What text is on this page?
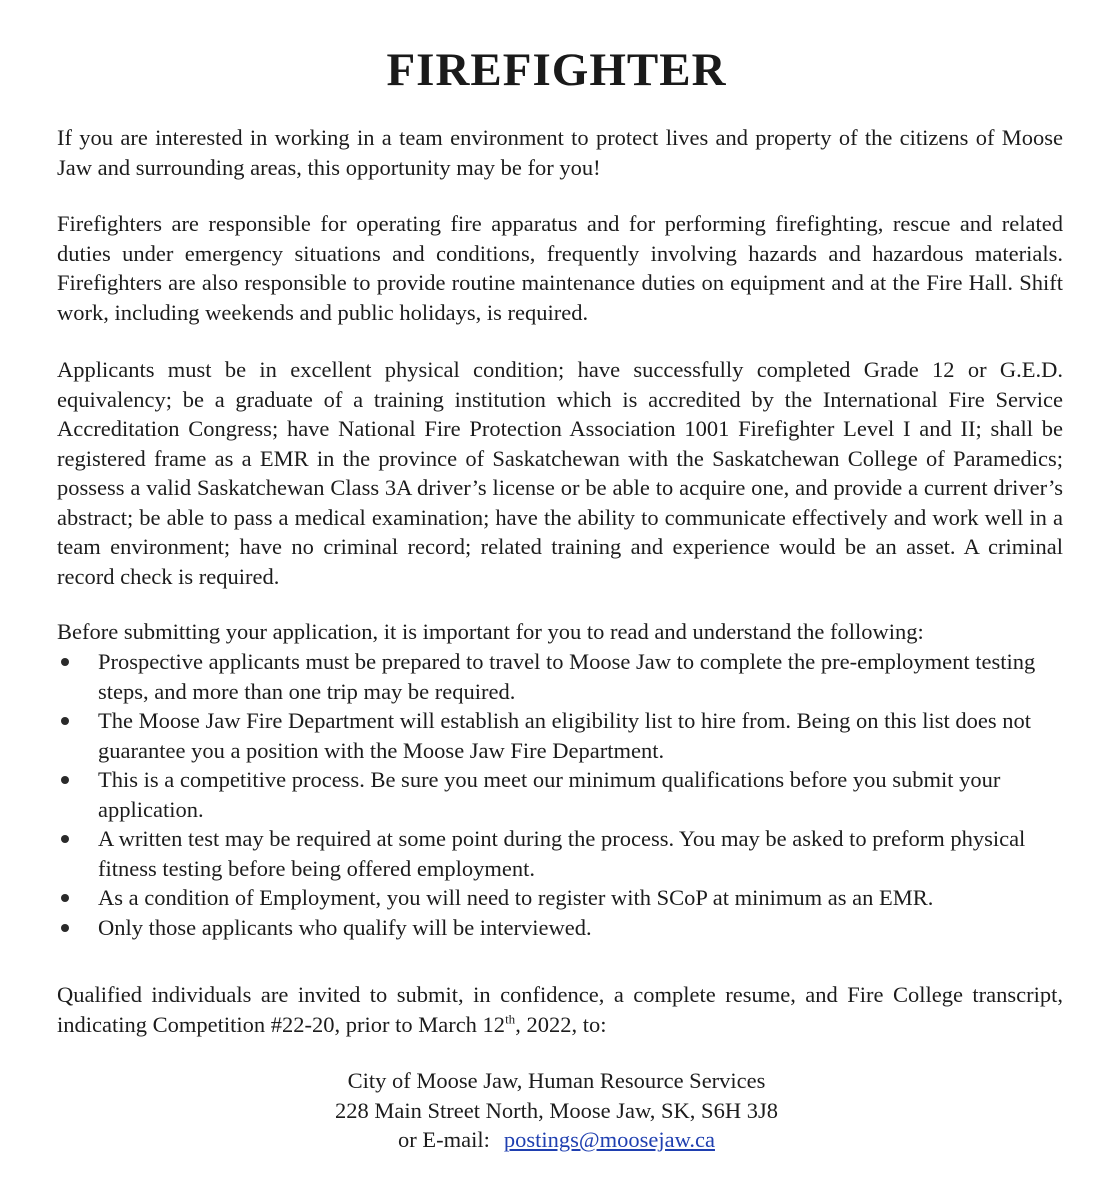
FIREFIGHTER

If you are interested in working in a team environment to protect lives and property of the citizens of Moose Jaw and surrounding areas, this opportunity may be for you!

Firefighters are responsible for operating fire apparatus and for performing firefighting, rescue and related duties under emergency situations and conditions, frequently involving hazards and hazardous materials. Firefighters are also responsible to provide routine maintenance duties on equipment and at the Fire Hall. Shift work, including weekends and public holidays, is required.

Applicants must be in excellent physical condition; have successfully completed Grade 12 or G.E.D. equivalency; be a graduate of a training institution which is accredited by the International Fire Service Accreditation Congress; have National Fire Protection Association 1001 Firefighter Level I and II; shall be registered frame as a EMR in the province of Saskatchewan with the Saskatchewan College of Paramedics; possess a valid Saskatchewan Class 3A driver’s license or be able to acquire one, and provide a current driver’s abstract; be able to pass a medical examination; have the ability to communicate effectively and work well in a team environment; have no criminal record; related training and experience would be an asset. A criminal record check is required.

Before submitting your application, it is important for you to read and understand the following:

Prospective applicants must be prepared to travel to Moose Jaw to complete the pre-employment testing steps, and more than one trip may be required.
The Moose Jaw Fire Department will establish an eligibility list to hire from. Being on this list does not guarantee you a position with the Moose Jaw Fire Department.
This is a competitive process. Be sure you meet our minimum qualifications before you submit your application.
A written test may be required at some point during the process. You may be asked to preform physical fitness testing before being offered employment.
As a condition of Employment, you will need to register with SCoP at minimum as an EMR.
Only those applicants who qualify will be interviewed.

Qualified individuals are invited to submit, in confidence, a complete resume, and Fire College transcript, indicating Competition #22-20, prior to March 12th, 2022, to:

City of Moose Jaw, Human Resource Services
228 Main Street North, Moose Jaw, SK, S6H 3J8
or E-mail: postings@moosejaw.ca
